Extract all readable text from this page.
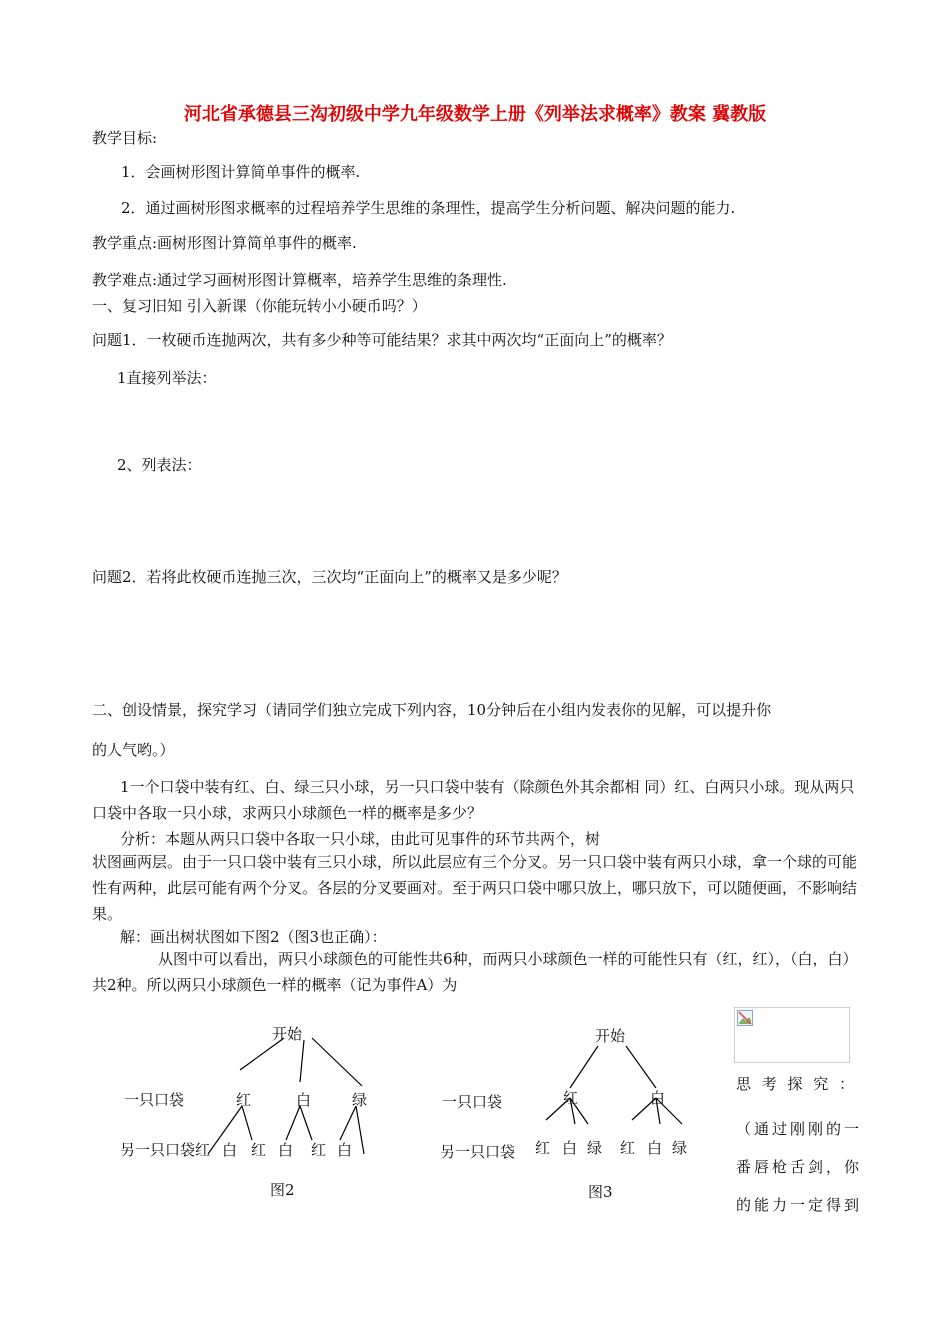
河北省承德县三沟初级中学九年级数学上册《列举法求概率》教案 冀教版
教学目标:
1．会画树形图计算简单事件的概率.
2．通过画树形图求概率的过程培养学生思维的条理性，提高学生分析问题、解决问题的能力.
教学重点:画树形图计算简单事件的概率.
教学难点:通过学习画树形图计算概率，培养学生思维的条理性.
一、复习旧知 引入新课（你能玩转小小硬币吗？）
问题1．一枚硬币连抛两次，共有多少种等可能结果？求其中两次均“正面向上”的概率？
1直接列举法：
2、列表法：
问题2．若将此枚硬币连抛三次，三次均“正面向上”的概率又是多少呢？
二、创设情景，探究学习（请同学们独立完成下列内容，10分钟后在小组内发表你的见解，可以提升你
的人气哟。）
1一个口袋中装有红、白、绿三只小球，另一只口袋中装有（除颜色外其余都相 同）红、白两只小球。现从两只口袋中各取一只小球，求两只小球颜色一样的概率是多少？
分析：本题从两只口袋中各取一只小球，由此可见事件的环节共两个，树
状图画两层。由于一只口袋中装有三只小球，所以此层应有三个分叉。另一只口袋中装有两只小球，拿一个球的可能性有两种，此层可能有两个分叉。各层的分叉要画对。至于两只口袋中哪只放上，哪只放下，可以随便画，不影响结果。
解：画出树状图如下图2（图3也正确）：
从图中可以看出，两只小球颜色的可能性共6种，而两只小球颜色一样的可能性只有（红，红），（白，白）共2种。所以两只小球颜色一样的概率（记为事件A）为
开始
一只口袋	红	白	绿
另一只口袋 红 白 红 白 红 白
图2
开始
一只口袋	红	白
另一只口袋 红 白 绿 红 白 绿
图3
思 考 探 究 ：
（通过刚刚的一番唇枪舌剑，你的能力一定得到
